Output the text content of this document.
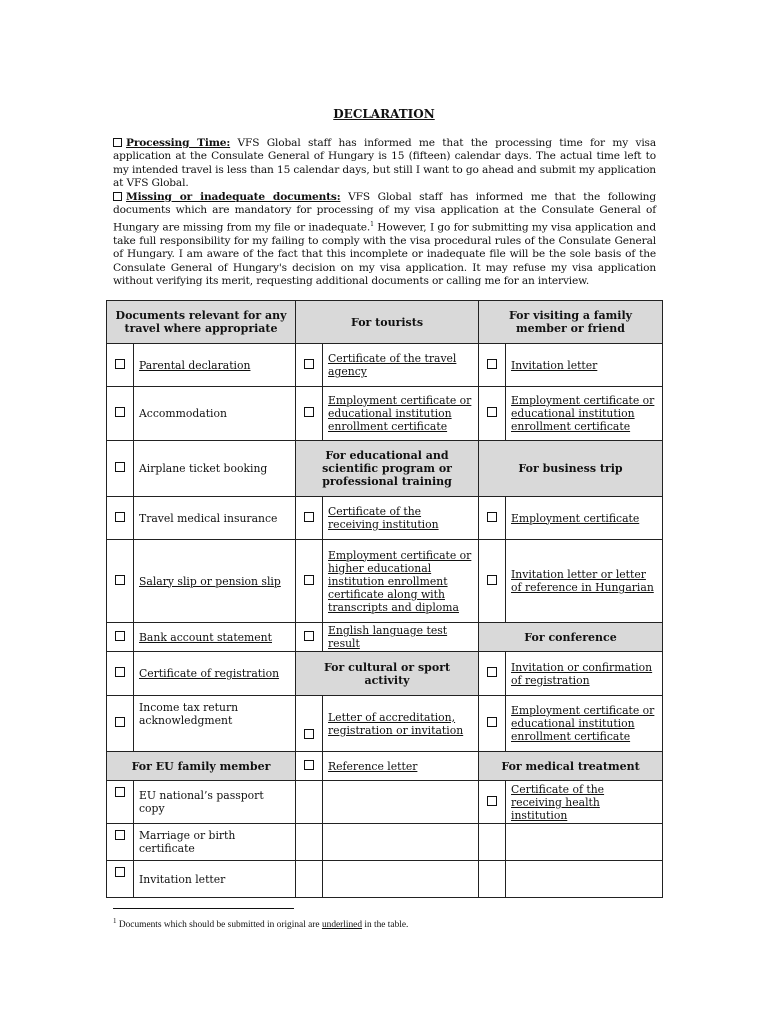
DECLARATION
Processing Time: VFS Global staff has informed me that the processing time for my visa application at the Consulate General of Hungary is 15 (fifteen) calendar days. The actual time left to my intended travel is less than 15 calendar days, but still I want to go ahead and submit my application at VFS Global.
Missing or inadequate documents: VFS Global staff has informed me that the following documents which are mandatory for processing of my visa application at the Consulate General of Hungary are missing from my file or inadequate.$^1$ However, I go for submitting my visa application and take full responsibility for my failing to comply with the visa procedural rules of the Consulate General of Hungary. I am aware of the fact that this incomplete or inadequate file will be the sole basis of the Consulate General of Hungary's decision on my visa application. It may refuse my visa application without verifying its merit, requesting additional documents or calling me for an interview.
Documents relevant for any travel where appropriate		For tourists		For visiting a family member or friend	
	Parental declaration		Certificate of the travel agency		Invitation letter
	Accommodation		Employment certificate or educational institution enrollment certificate		Employment certificate or educational institution enrollment certificate
	Airplane ticket booking	For educational and scientific program or professional training		For business trip	
	Travel medical insurance		Certificate of the receiving institution		Employment certificate
	Salary slip or pension slip		Employment certificate or higher educational institution enrollment certificate along with transcripts and diploma		Invitation letter or letter of reference in Hungarian
	Bank account statement		English language test result	For conference	
	Certificate of registration	For cultural or sport activity			Invitation or confirmation of registration
	Income tax return acknowledgment		Letter of accreditation, registration or invitation		Employment certificate or educational institution enrollment certificate
For EU family member			Reference letter	For medical treatment	
	EU national’s passport copy				Certificate of the receiving health institution
	Marriage or birth certificate				
	Invitation letter				
$^1$ Documents which should be submitted in original are underlined in the table.
